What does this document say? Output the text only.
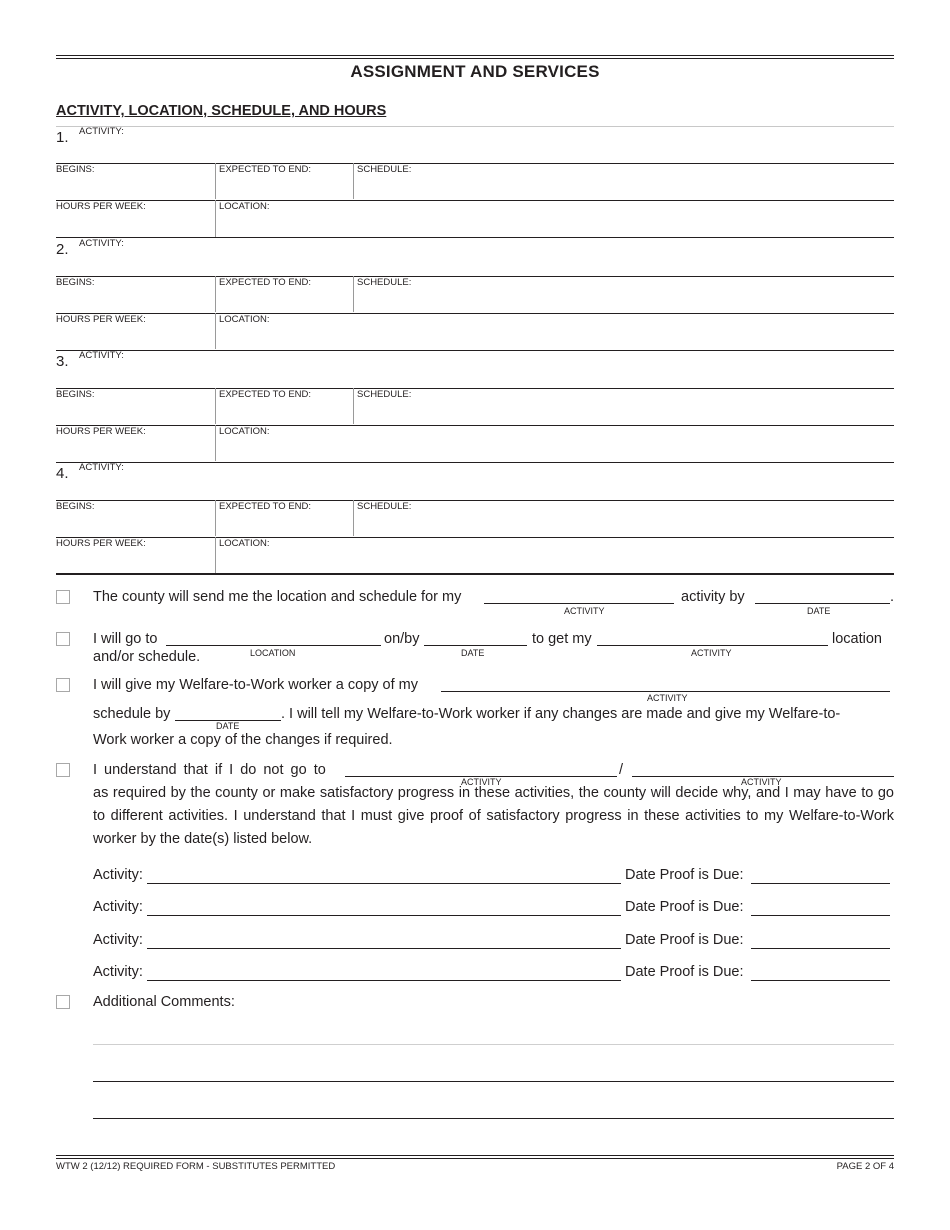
ASSIGNMENT AND SERVICES
ACTIVITY, LOCATION, SCHEDULE, AND HOURS
1. ACTIVITY:
BEGINS:	EXPECTED TO END:	SCHEDULE:
HOURS PER WEEK:	LOCATION:
2. ACTIVITY:
BEGINS:	EXPECTED TO END:	SCHEDULE:
HOURS PER WEEK:	LOCATION:
3. ACTIVITY:
BEGINS:	EXPECTED TO END:	SCHEDULE:
HOURS PER WEEK:	LOCATION:
4. ACTIVITY:
BEGINS:	EXPECTED TO END:	SCHEDULE:
HOURS PER WEEK:	LOCATION:
The county will send me the location and schedule for my
ACTIVITY
activity by
DATE
.
I will go to
LOCATION
on/by
DATE
to get my
ACTIVITY
location
and/or schedule.
I will give my Welfare-to-Work worker a copy of my
ACTIVITY
schedule by
DATE
. I will tell my Welfare-to-Work worker if any changes are made and give my Welfare-to-
Work worker a copy of the changes if required.
I understand that if I do not go to
ACTIVITY
/
ACTIVITY
as required by the county or make satisfactory progress in these activities, the county will decide why, and I may have to go to different activities. I understand that I must give proof of satisfactory progress in these activities to my Welfare-to-Work worker by the date(s) listed below.
Activity:	Date Proof is Due:
Activity:	Date Proof is Due:
Activity:	Date Proof is Due:
Activity:	Date Proof is Due:
Additional Comments:
WTW 2 (12/12) REQUIRED FORM - SUBSTITUTES PERMITTED	PAGE 2 OF 4
